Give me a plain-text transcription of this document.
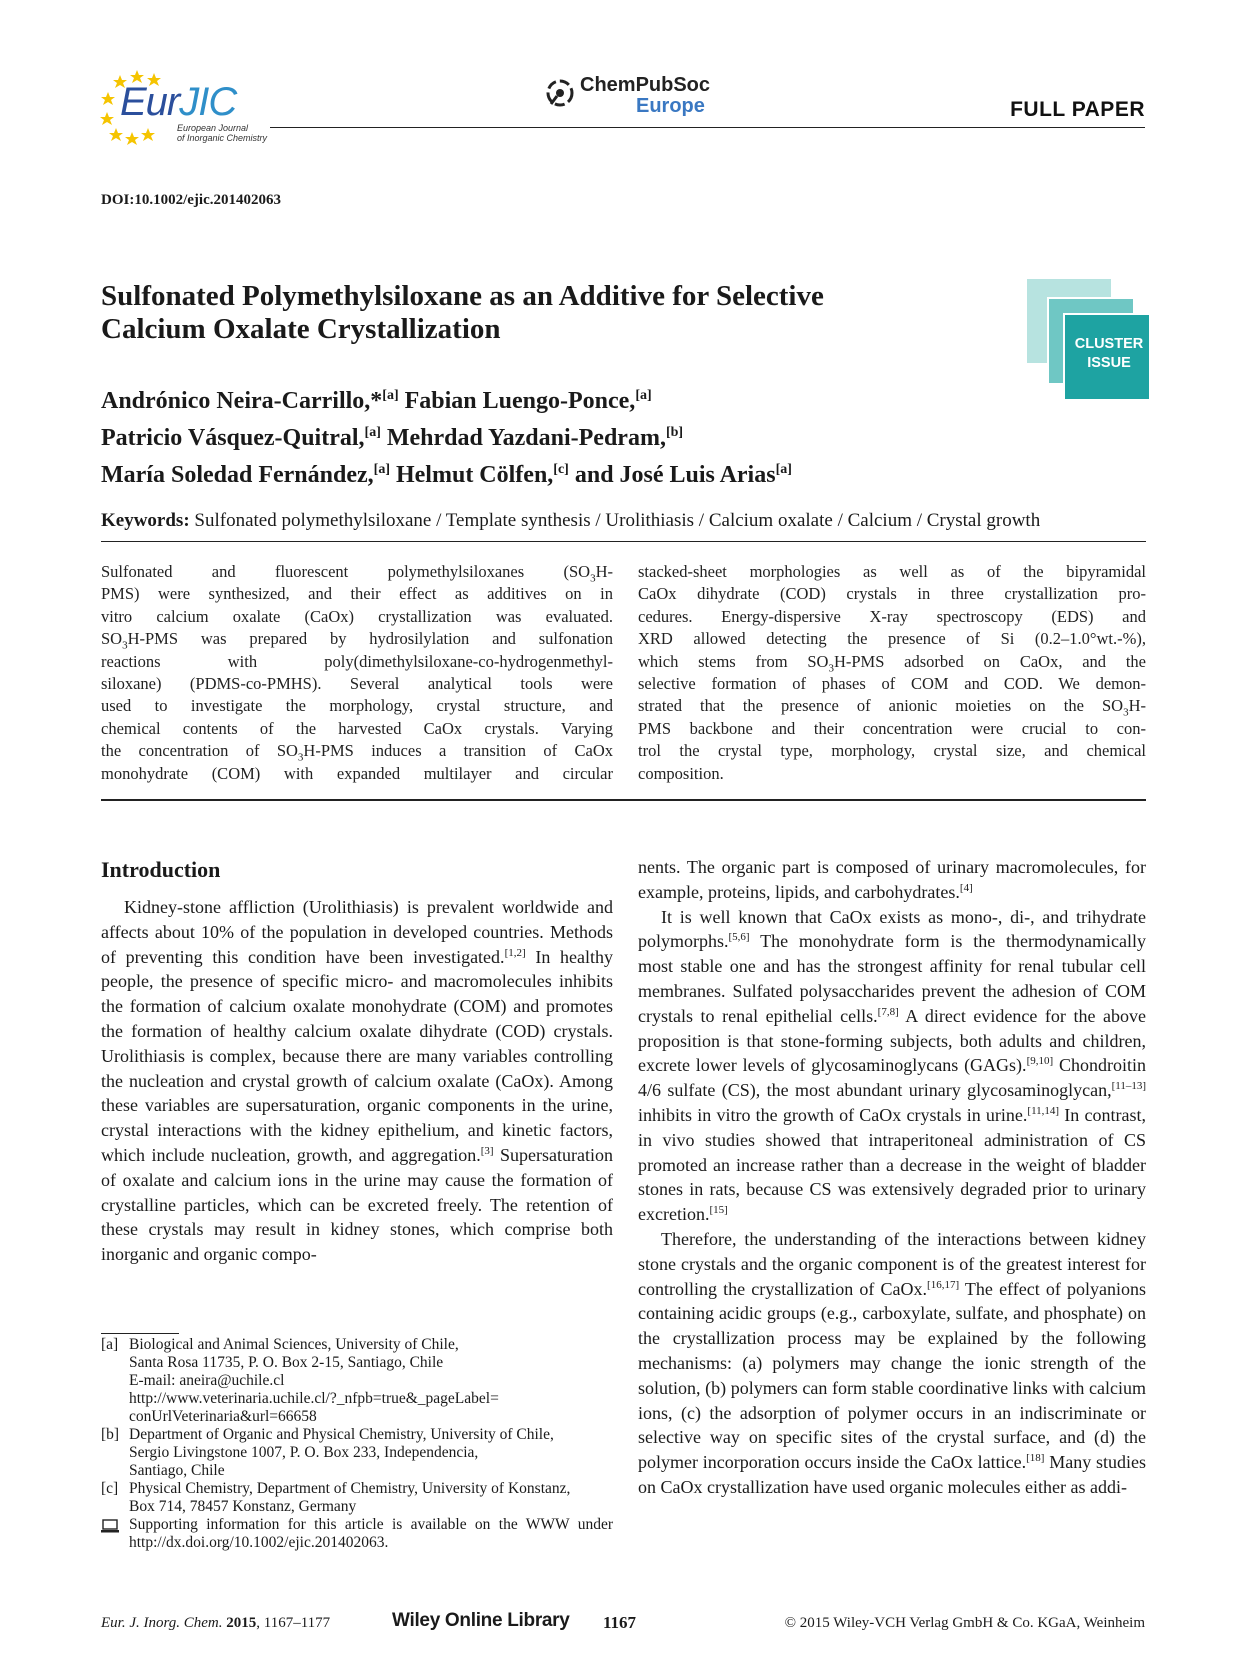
EurJIC
European Journal
of Inorganic Chemistry
ChemPubSoc
Europe	FULL PAPER
DOI:10.1002/ejic.201402063
Sulfonated Polymethylsiloxane as an Additive for Selective
Calcium Oxalate Crystallization
Andrónico Neira-Carrillo,*[a] Fabian Luengo-Ponce,[a]
Patricio Vásquez-Quitral,[a] Mehrdad Yazdani-Pedram,[b]
María Soledad Fernández,[a] Helmut Cölfen,[c] and José Luis Arias[a]
CLUSTER
ISSUE
Keywords: Sulfonated polymethylsiloxane / Template synthesis / Urolithiasis / Calcium oxalate / Calcium / Crystal growth
Sulfonated and fluorescent polymethylsiloxanes ($SO_3H-$
PMS) were synthesized, and their effect as additives on in
vitro calcium oxalate (CaOx) crystallization was evaluated.
$SO_3H$-PMS was prepared by hydrosilylation and sulfonation
reactions with poly(dimethylsiloxane-co-hydrogenmethyl-
siloxane) (PDMS-co-PMHS). Several analytical tools were
used to investigate the morphology, crystal structure, and
chemical contents of the harvested CaOx crystals. Varying
the concentration of $SO_3H$-PMS induces a transition of CaOx
monohydrate (COM) with expanded multilayer and circular
stacked-sheet morphologies as well as of the bipyramidal
CaOx dihydrate (COD) crystals in three crystallization pro-
cedures. Energy-dispersive X-ray spectroscopy (EDS) and
XRD allowed detecting the presence of Si (0.2–1.0°wt.-%),
which stems from $SO_3H$-PMS adsorbed on CaOx, and the
selective formation of phases of COM and COD. We demon-
strated that the presence of anionic moieties on the $SO_3H-$
PMS backbone and their concentration were crucial to con-
trol the crystal type, morphology, crystal size, and chemical
composition.
Introduction

Kidney-stone affliction (Urolithiasis) is prevalent worldwide and affects about 10% of the population in developed countries. Methods of preventing this condition have been investigated.[1,2] In healthy people, the presence of specific micro- and macromolecules inhibits the formation of calcium oxalate monohydrate (COM) and promotes the formation of healthy calcium oxalate dihydrate (COD) crystals. Urolithiasis is complex, because there are many variables controlling the nucleation and crystal growth of calcium oxalate (CaOx). Among these variables are supersaturation, organic components in the urine, crystal interactions with the kidney epithelium, and kinetic factors, which include nucleation, growth, and aggregation.[3] Supersaturation of oxalate and calcium ions in the urine may cause the formation of crystalline particles, which can be excreted freely. The retention of these crystals may result in kidney stones, which comprise both inorganic and organic compo-

nents. The organic part is composed of urinary macromolecules, for example, proteins, lipids, and carbohydrates.[4]

It is well known that CaOx exists as mono-, di-, and trihydrate polymorphs.[5,6] The monohydrate form is the thermodynamically most stable one and has the strongest affinity for renal tubular cell membranes. Sulfated polysaccharides prevent the adhesion of COM crystals to renal epithelial cells.[7,8] A direct evidence for the above proposition is that stone-forming subjects, both adults and children, excrete lower levels of glycosaminoglycans (GAGs).[9,10] Chondroitin 4/6 sulfate (CS), the most abundant urinary glycosaminoglycan,[11–13] inhibits in vitro the growth of CaOx crystals in urine.[11,14] In contrast, in vivo studies showed that intraperitoneal administration of CS promoted an increase rather than a decrease in the weight of bladder stones in rats, because CS was extensively degraded prior to urinary excretion.[15]

Therefore, the understanding of the interactions between kidney stone crystals and the organic component is of the greatest interest for controlling the crystallization of CaOx.[16,17] The effect of polyanions containing acidic groups (e.g., carboxylate, sulfate, and phosphate) on the crystallization process may be explained by the following mechanisms: (a) polymers may change the ionic strength of the solution, (b) polymers can form stable coordinative links with calcium ions, (c) the adsorption of polymer occurs in an indiscriminate or selective way on specific sites of the crystal surface, and (d) the polymer incorporation occurs inside the CaOx lattice.[18] Many studies on CaOx crystallization have used organic molecules either as addi-

[a] Biological and Animal Sciences, University of Chile,
Santa Rosa 11735, P. O. Box 2-15, Santiago, Chile
E-mail: aneira@uchile.cl
http://www.veterinaria.uchile.cl/?_nfpb=true&_pageLabel=
conUrlVeterinaria&url=66658
[b] Department of Organic and Physical Chemistry, University of Chile,
Sergio Livingstone 1007, P. O. Box 233, Independencia,
Santiago, Chile
[c] Physical Chemistry, Department of Chemistry, University of Konstanz,
Box 714, 78457 Konstanz, Germany
Supporting information for this article is available on the WWW under http://dx.doi.org/10.1002/ejic.201402063.
Eur. J. Inorg. Chem. 2015, 1167–1177	Wiley Online Library 1167	© 2015 Wiley-VCH Verlag GmbH & Co. KGaA, Weinheim
